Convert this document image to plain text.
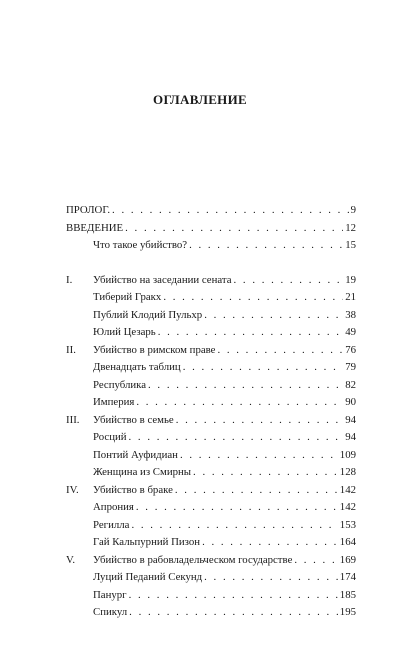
ОГЛАВЛЕНИЕ
ПРОЛОГ. . . .	9
ВВЕДЕНИЕ . . .	12
Что такое убийство? . . .	15
I.	Убийство на заседании сената . . .	19
Тиберий Гракх . . .	21
Публий Клодий Пульхр . . .	38
Юлий Цезарь . . .	49
II.	Убийство в римском праве . . .	76
Двенадцать таблиц . . .	79
Республика . . .	82
Империя . . .	90
III.	Убийство в семье . . .	94
Росций . . .	94
Понтий Ауфидиан . . .	109
Женщина из Смирны . . .	128
IV.	Убийство в браке . . .	142
Апрония . . .	142
Регилла . . .	153
Гай Кальпурний Пизон . . .	164
V.	Убийство в рабовладельческом государстве . . .	169
Луций Педаний Секунд . . .	174
Панург . . .	185
Спикул . . .	195
